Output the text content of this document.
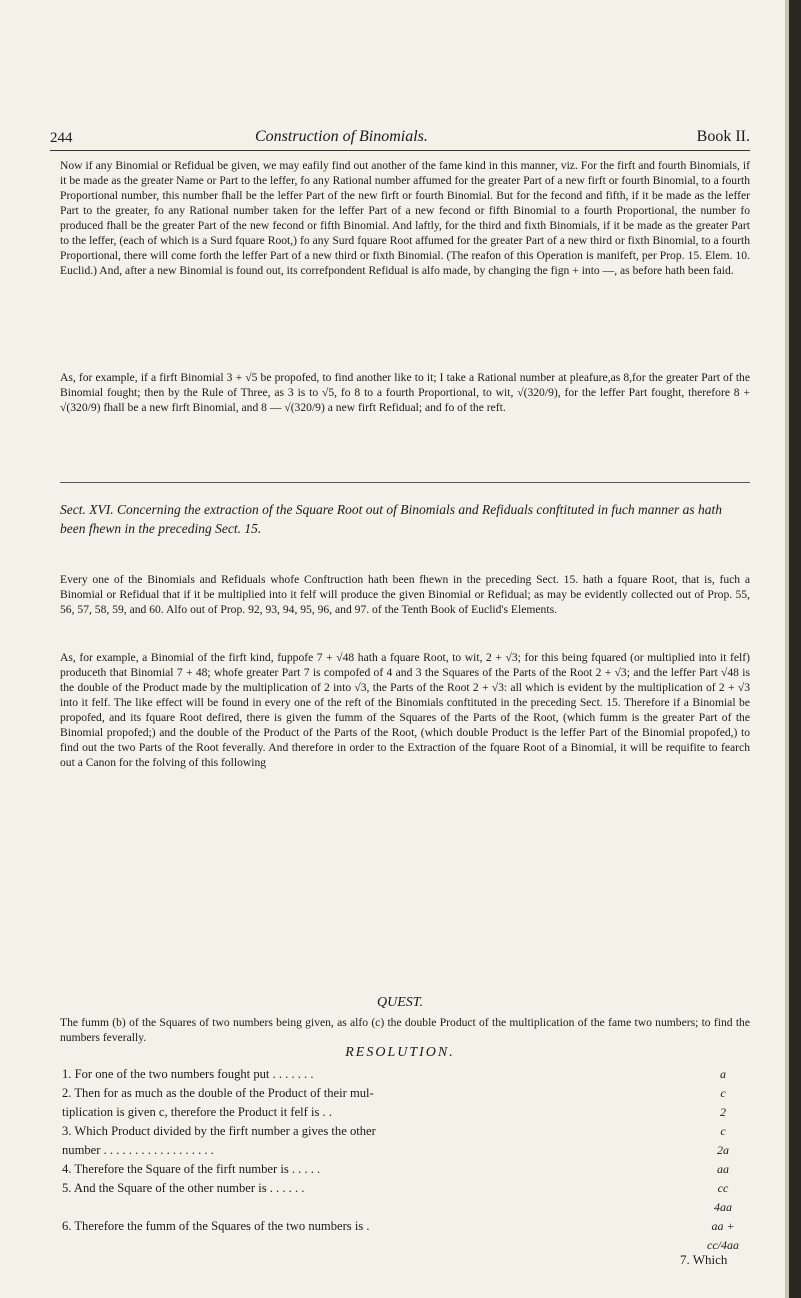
244	Construction of Binomials.	Book II.

Now if any Binomial or Refidual be given, we may eafily find out another of the fame kind in this manner, viz. For the firft and fourth Binomials, if it be made as the greater Name or Part to the leffer, fo any Rational number affumed for the greater Part of a new firft or fourth Binomial, to a fourth Proportional number, this number fhall be the leffer Part of the new firft or fourth Binomial. But for the fecond and fifth, if it be made as the leffer Part to the greater, fo any Rational number taken for the leffer Part of a new fecond or fifth Binomial to a fourth Proportional, the number fo produced fhall be the greater Part of the new fecond or fifth Binomial. And laftly, for the third and fixth Binomials, if it be made as the greater Part to the leffer, (each of which is a Surd fquare Root,) fo any Surd fquare Root affumed for the greater Part of a new third or fixth Binomial, to a fourth Proportional, there will come forth the leffer Part of a new third or fixth Binomial. (The reafon of this Operation is manifeft, per Prop. 15. Elem. 10. Euclid.) And, after a new Binomial is found out, its correfpondent Refidual is alfo made, by changing the fign + into —, as before hath been faid.

As, for example, if a firft Binomial 3 + √5 be propofed, to find another like to it; I take a Rational number at pleafure,as 8,for the greater Part of the Binomial fought; then by the Rule of Three, as 3 is to √5, fo 8 to a fourth Proportional, to wit, √(320/9), for the leffer Part fought, therefore 8 + √(320/9) fhall be a new firft Binomial, and 8 — √(320/9) a new firft Refidual; and fo of the reft.

Sect. XVI. Concerning the extraction of the Square Root out of Binomials and Refiduals conftituted in fuch manner as hath been fhewn in the preceding Sect. 15.

Every one of the Binomials and Refiduals whofe Conftruction hath been fhewn in the preceding Sect. 15. hath a fquare Root, that is, fuch a Binomial or Refidual that if it be multiplied into it felf will produce the given Binomial or Refidual; as may be evidently collected out of Prop. 55, 56, 57, 58, 59, and 60. Alfo out of Prop. 92, 93, 94, 95, 96, and 97. of the Tenth Book of Euclid's Elements.

As, for example, a Binomial of the firft kind, fuppofe 7 + √48 hath a fquare Root, to wit, 2 + √3; for this being fquared (or multiplied into it felf) produceth that Binomial 7 + 48; whofe greater Part 7 is compofed of 4 and 3 the Squares of the Parts of the Root 2 + √3; and the leffer Part √48 is the double of the Product made by the multiplication of 2 into √3, the Parts of the Root 2 + √3: all which is evident by the multiplication of 2 + √3 into it felf. The like effect will be found in every one of the reft of the Binomials conftituted in the preceding Sect. 15. Therefore if a Binomial be propofed, and its fquare Root defired, there is given the fumm of the Squares of the Parts of the Root, (which fumm is the greater Part of the Binomial propofed;) and the double of the Product of the Parts of the Root, (which double Product is the leffer Part of the Binomial propofed,) to find out the two Parts of the Root feverally. And therefore in order to the Extraction of the fquare Root of a Binomial, it will be requifite to fearch out a Canon for the folving of this following

QUEST.

The fumm (b) of the Squares of two numbers being given, as alfo (c) the double Product of the multiplication of the fame two numbers; to find the numbers feverally.

RESOLUTION.
1. For one of the two numbers fought put . . . . . . .
2. Then for as much as the double of the Product of their mul-
tiplication is given c, therefore the Product it felf is . .
3. Which Product divided by the firft number a gives the other
number . . . . . . . . . . . . . . . . . .
4. Therefore the Square of the firft number is . . . . .
5. And the Square of the other number is . . . . . .
6. Therefore the fumm of the Squares of the two numbers is .
a
c
2
c
2a
aa
cc
4aa
aa + cc/4aa
7. Which
